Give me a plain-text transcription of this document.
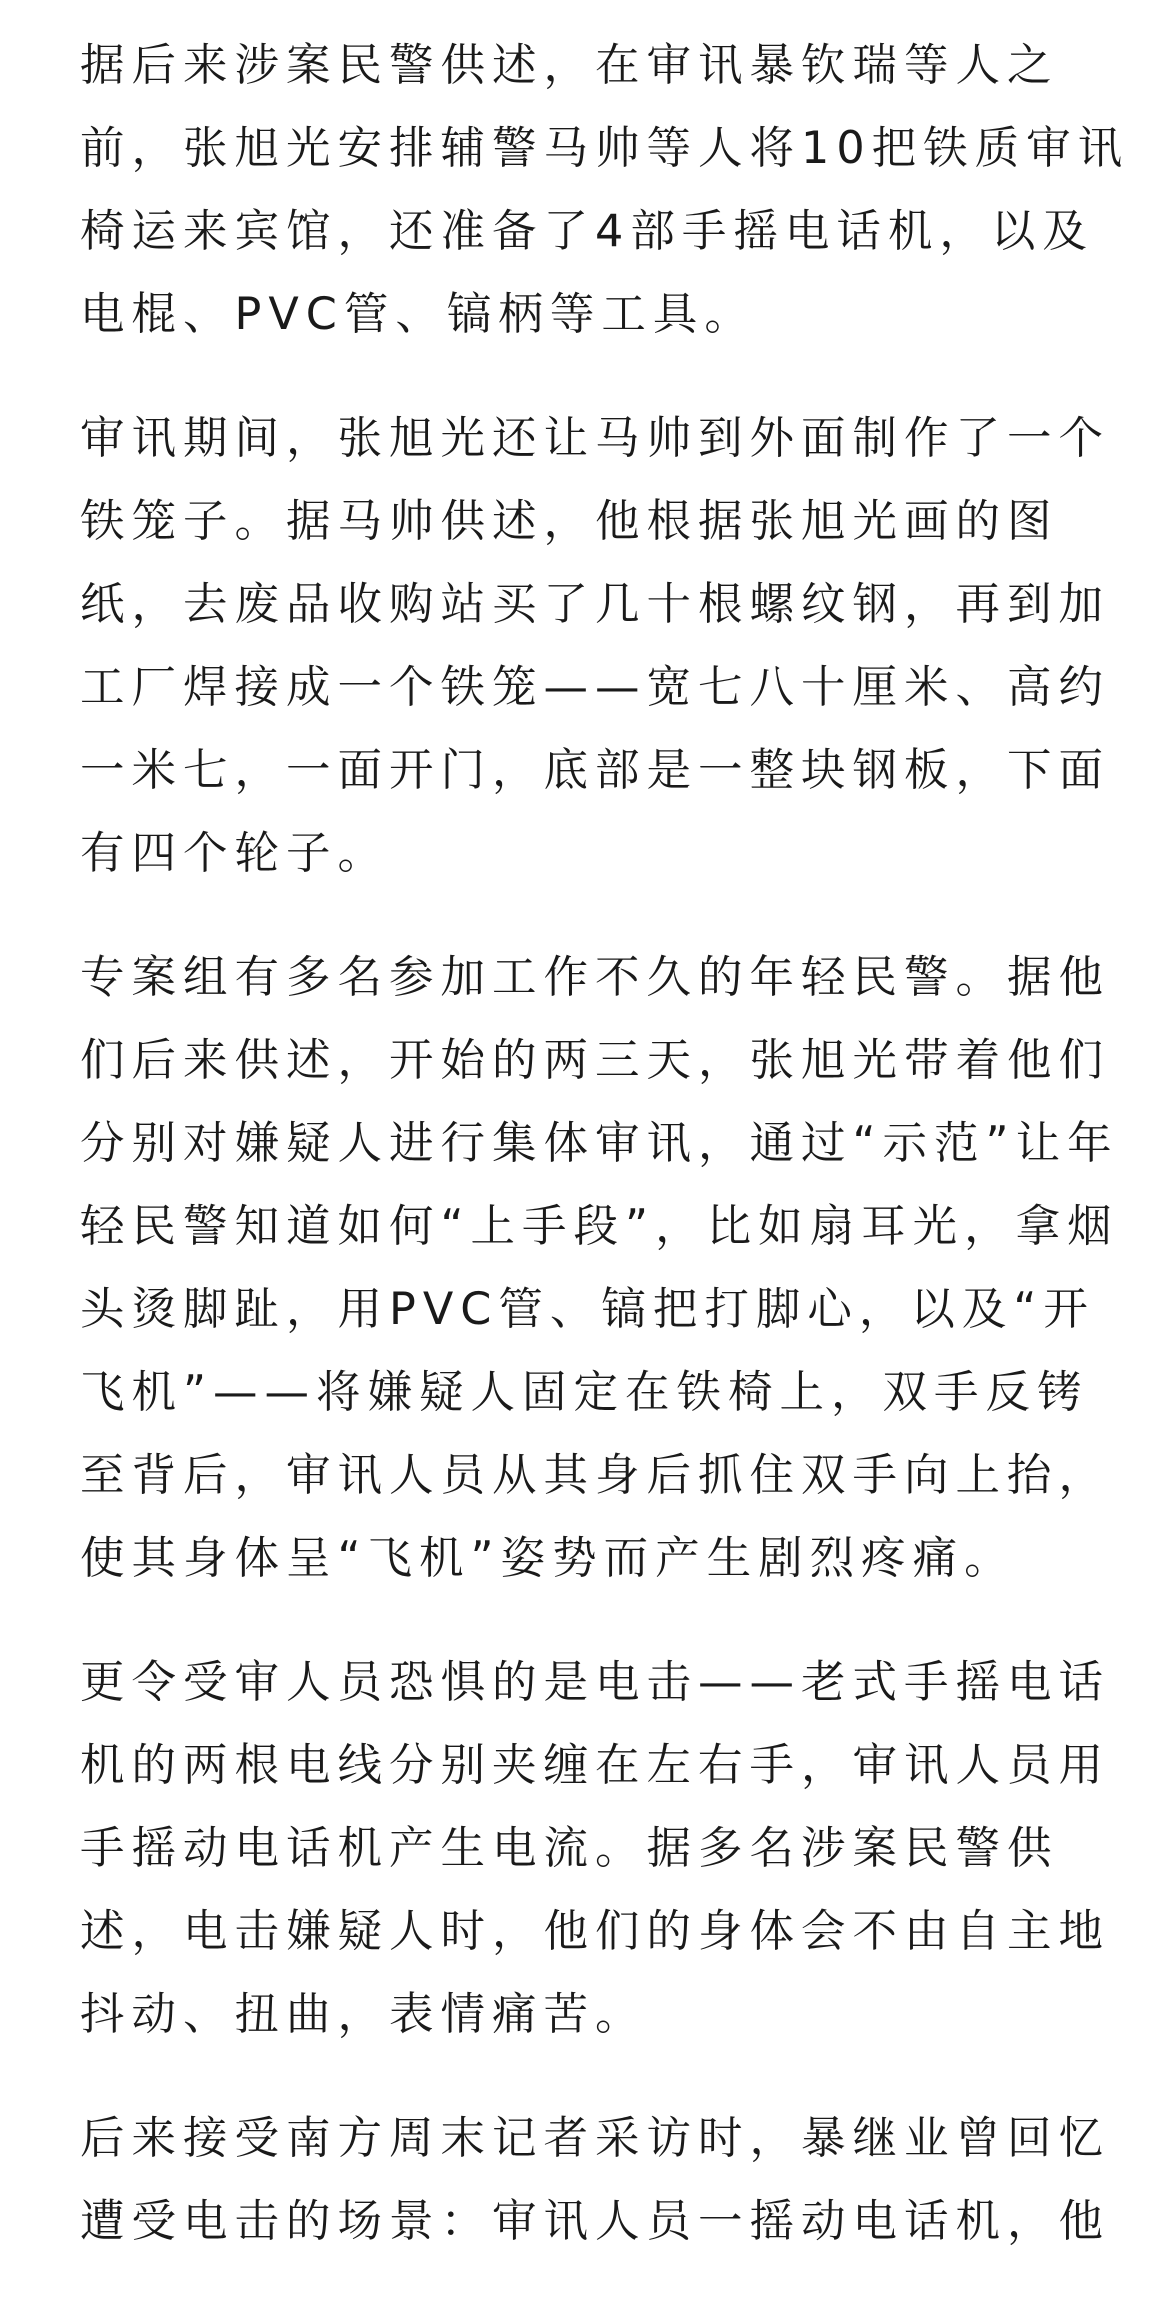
据后来涉案民警供述，在审讯暴钦瑞等人之
前，张旭光安排辅警马帅等人将10把铁质审讯
椅运来宾馆，还准备了4部手摇电话机，以及
电棍、PVC管、镐柄等工具。

审讯期间，张旭光还让马帅到外面制作了一个
铁笼子。据马帅供述，他根据张旭光画的图
纸，去废品收购站买了几十根螺纹钢，再到加
工厂焊接成一个铁笼——宽七八十厘米、高约
一米七，一面开门，底部是一整块钢板，下面
有四个轮子。

专案组有多名参加工作不久的年轻民警。据他
们后来供述，开始的两三天，张旭光带着他们
分别对嫌疑人进行集体审讯，通过“示范”让年
轻民警知道如何“上手段”，比如扇耳光，拿烟
头烫脚趾，用PVC管、镐把打脚心，以及“开
飞机”——将嫌疑人固定在铁椅上，双手反铐
至背后，审讯人员从其身后抓住双手向上抬，
使其身体呈“飞机”姿势而产生剧烈疼痛。

更令受审人员恐惧的是电击——老式手摇电话
机的两根电线分别夹缠在左右手，审讯人员用
手摇动电话机产生电流。据多名涉案民警供
述，电击嫌疑人时，他们的身体会不由自主地
抖动、扭曲，表情痛苦。

后来接受南方周末记者采访时，暴继业曾回忆
遭受电击的场景：审讯人员一摇动电话机，他
